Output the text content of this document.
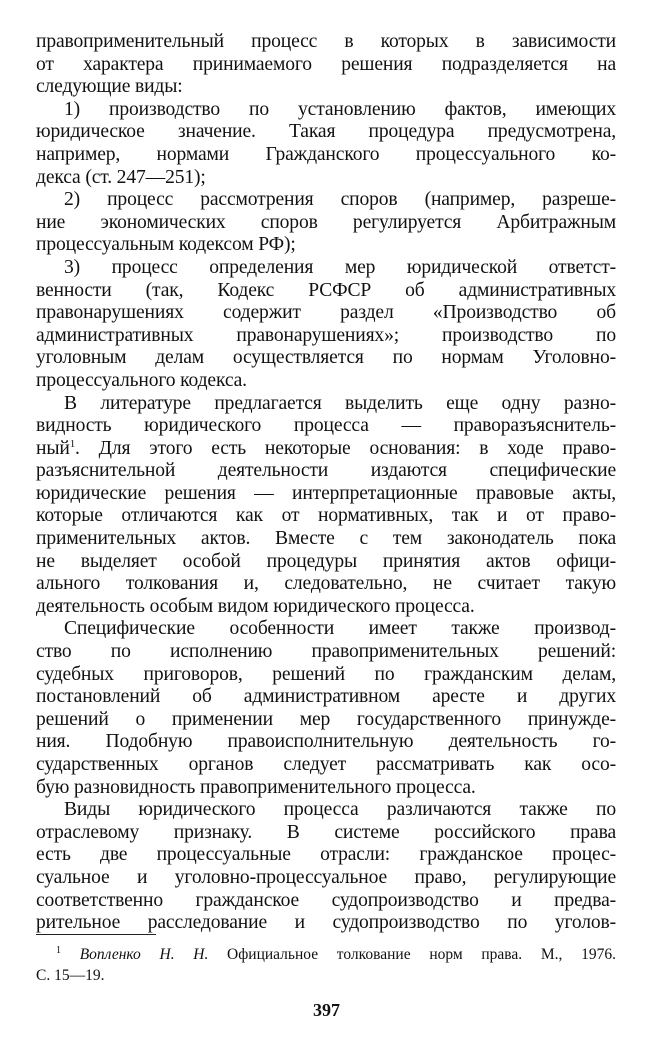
правоприменительный процесс в которых в зависимости
от характера принимаемого решения подразделяется на
следующие виды:
1) производство по установлению фактов, имеющих
юридическое значение. Такая процедура предусмотрена,
например, нормами Гражданского процессуального ко-
декса (ст. 247—251);
2) процесс рассмотрения споров (например, разреше-
ние экономических споров регулируется Арбитражным
процессуальным кодексом РФ);
3) процесс определения мер юридической ответст-
венности (так, Кодекс РСФСР об административных
правонарушениях содержит раздел «Производство об
административных правонарушениях»; производство по
уголовным делам осуществляется по нормам Уголовно-
процессуального кодекса.
В литературе предлагается выделить еще одну разно-
видность юридического процесса — праворазъяснитель-
ный$^1$. Для этого есть некоторые основания: в ходе право-
разъяснительной деятельности издаются специфические
юридические решения — интерпретационные правовые акты,
которые отличаются как от нормативных, так и от право-
применительных актов. Вместе с тем законодатель пока
не выделяет особой процедуры принятия актов офици-
ального толкования и, следовательно, не считает такую
деятельность особым видом юридического процесса.
Специфические особенности имеет также производ-
ство по исполнению правоприменительных решений:
судебных приговоров, решений по гражданским делам,
постановлений об административном аресте и других
решений о применении мер государственного принужде-
ния. Подобную правоисполнительную деятельность го-
сударственных органов следует рассматривать как осо-
бую разновидность правоприменительного процесса.
Виды юридического процесса различаются также по
отраслевому признаку. В системе российского права
есть две процессуальные отрасли: гражданское процес-
суальное и уголовно-процессуальное право, регулирующие
соответственно гражданское судопроизводство и предва-
рительное расследование и судопроизводство по уголов-
$^1$ Вопленко Н. Н. Официальное толкование норм права. М., 1976.
С. 15—19.
397
